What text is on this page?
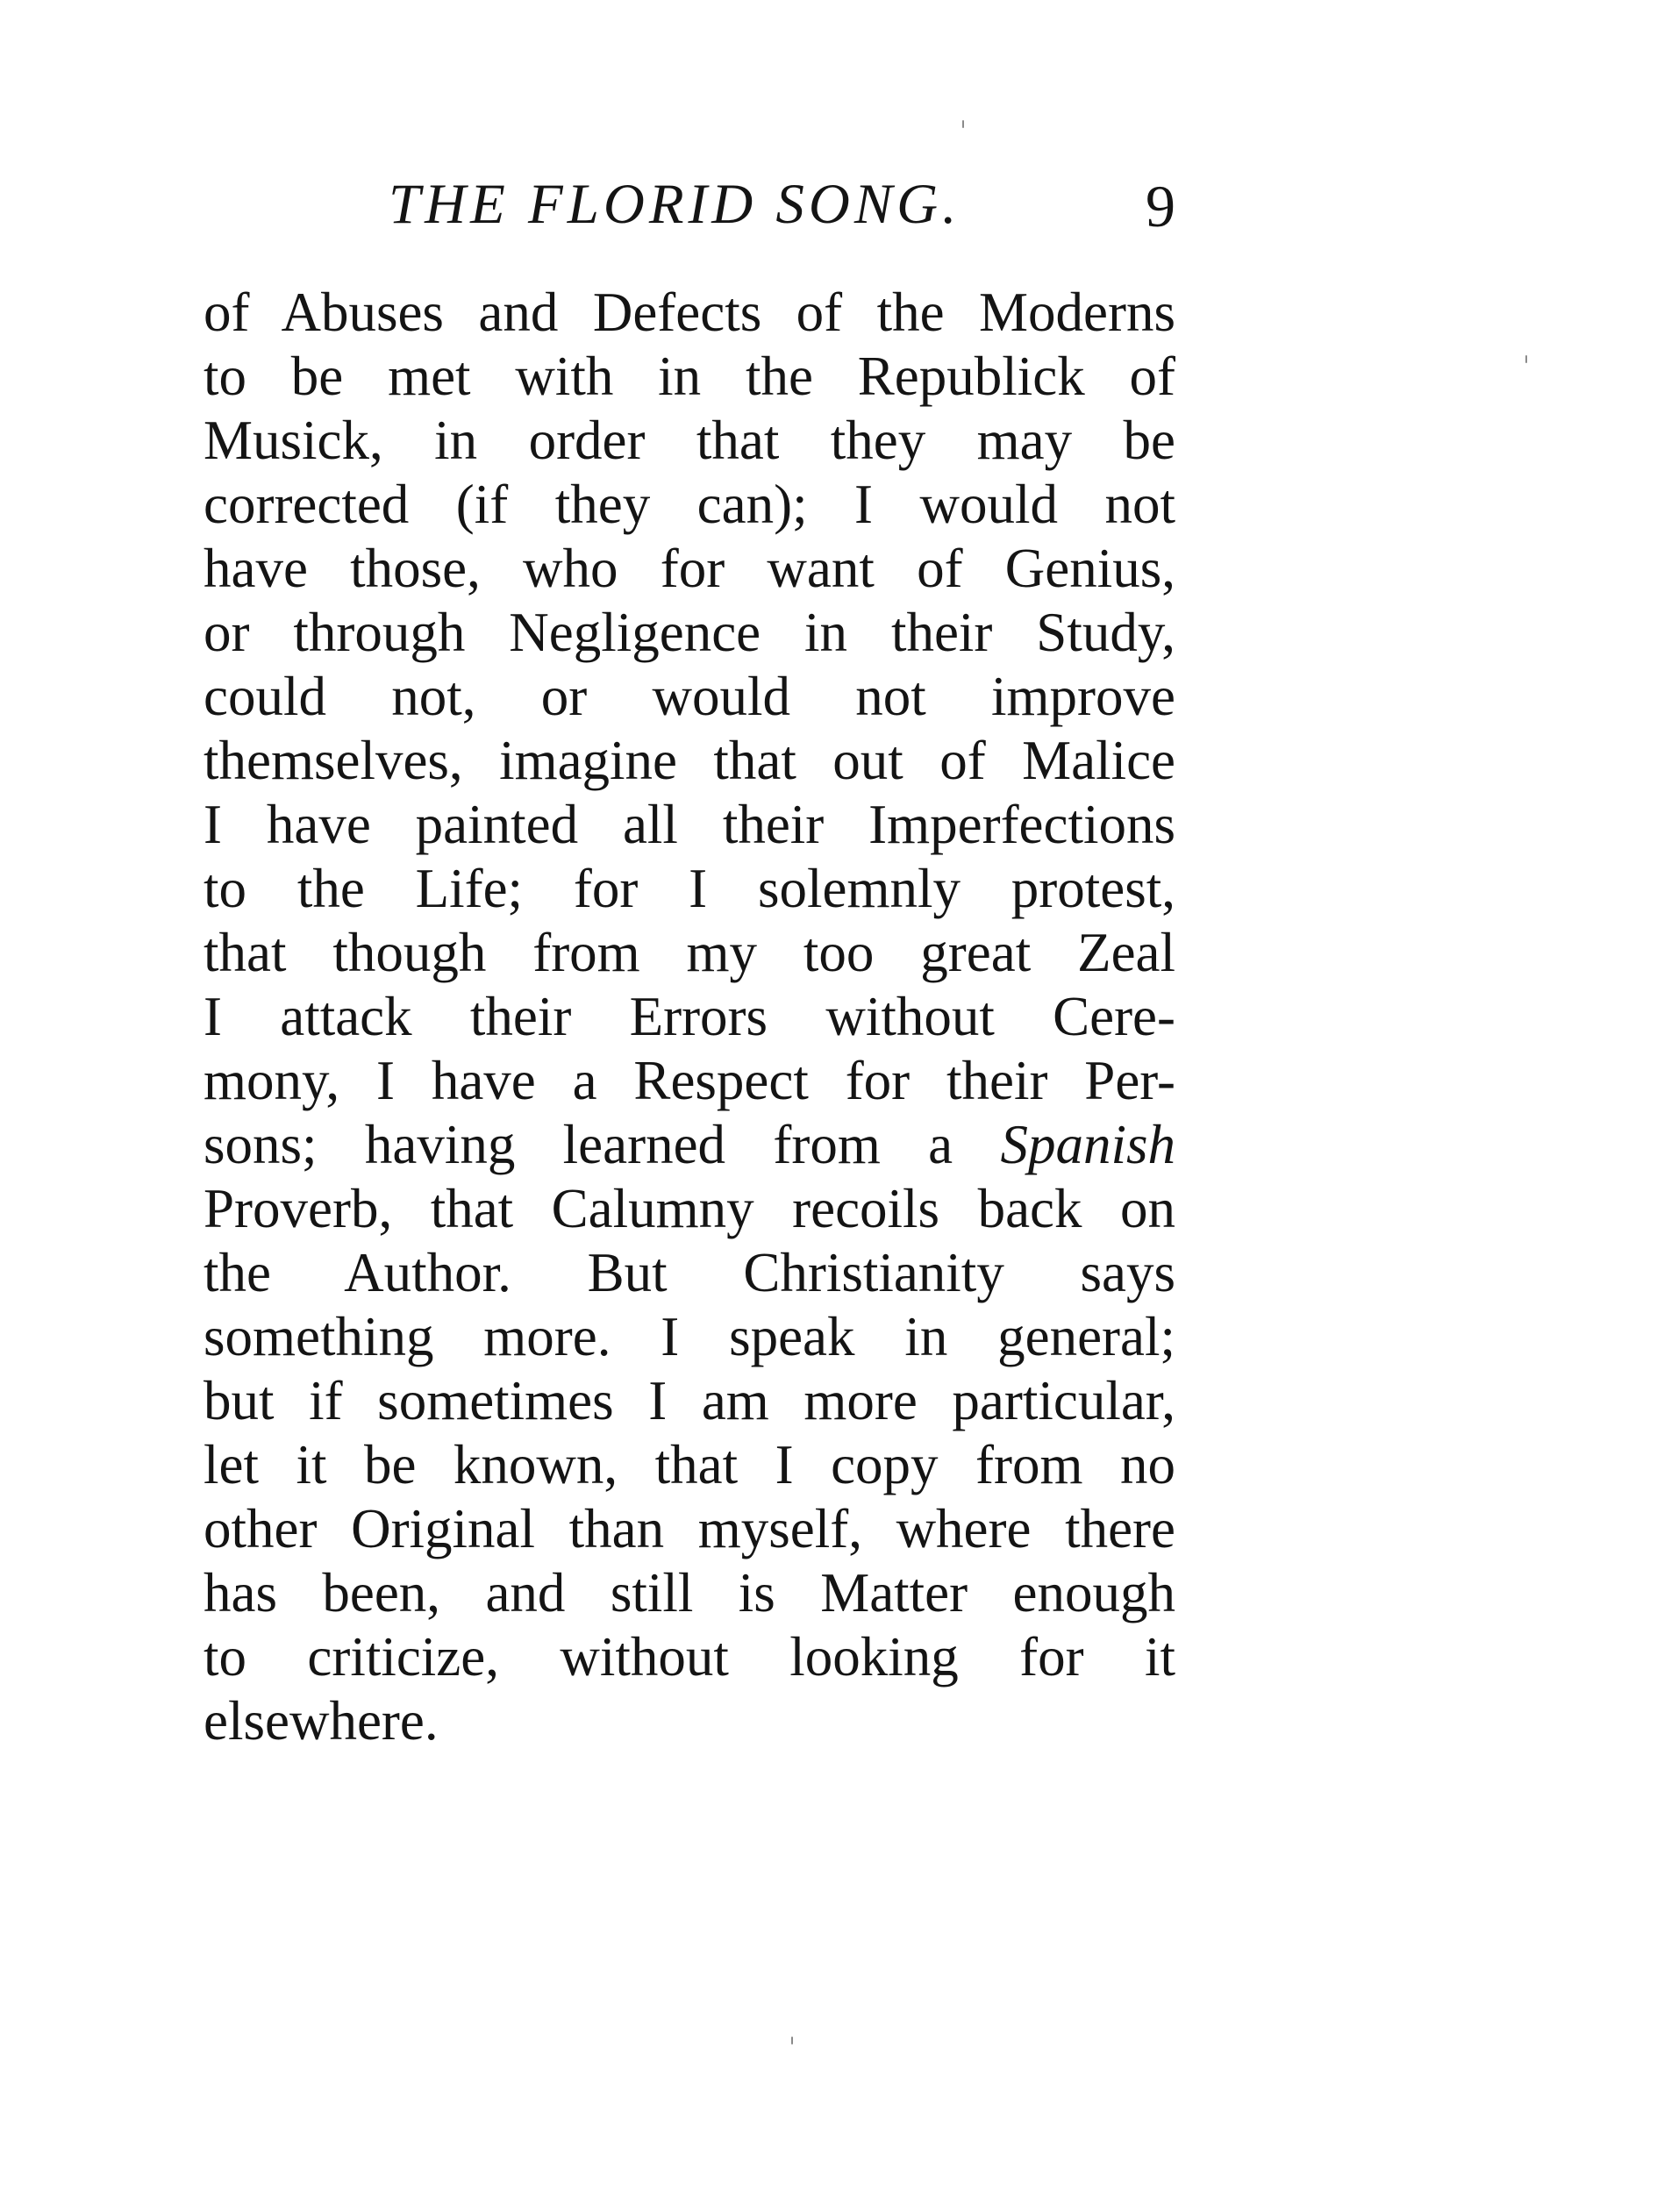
THE FLORID SONG.	9
of Abuses and Defects of the Moderns
to be met with in the Republick of
Musick, in order that they may be
corrected (if they can); I would not
have those, who for want of Genius,
or through Negligence in their Study,
could not, or would not improve
themselves, imagine that out of Malice
I have painted all their Imperfections
to the Life; for I solemnly protest,
that though from my too great Zeal
I attack their Errors without Cere-
mony, I have a Respect for their Per-
sons; having learned from a Spanish
Proverb, that Calumny recoils back on
the Author. But Christianity says
something more. I speak in general;
but if sometimes I am more particular,
let it be known, that I copy from no
other Original than myself, where there
has been, and still is Matter enough
to criticize, without looking for it
elsewhere.
